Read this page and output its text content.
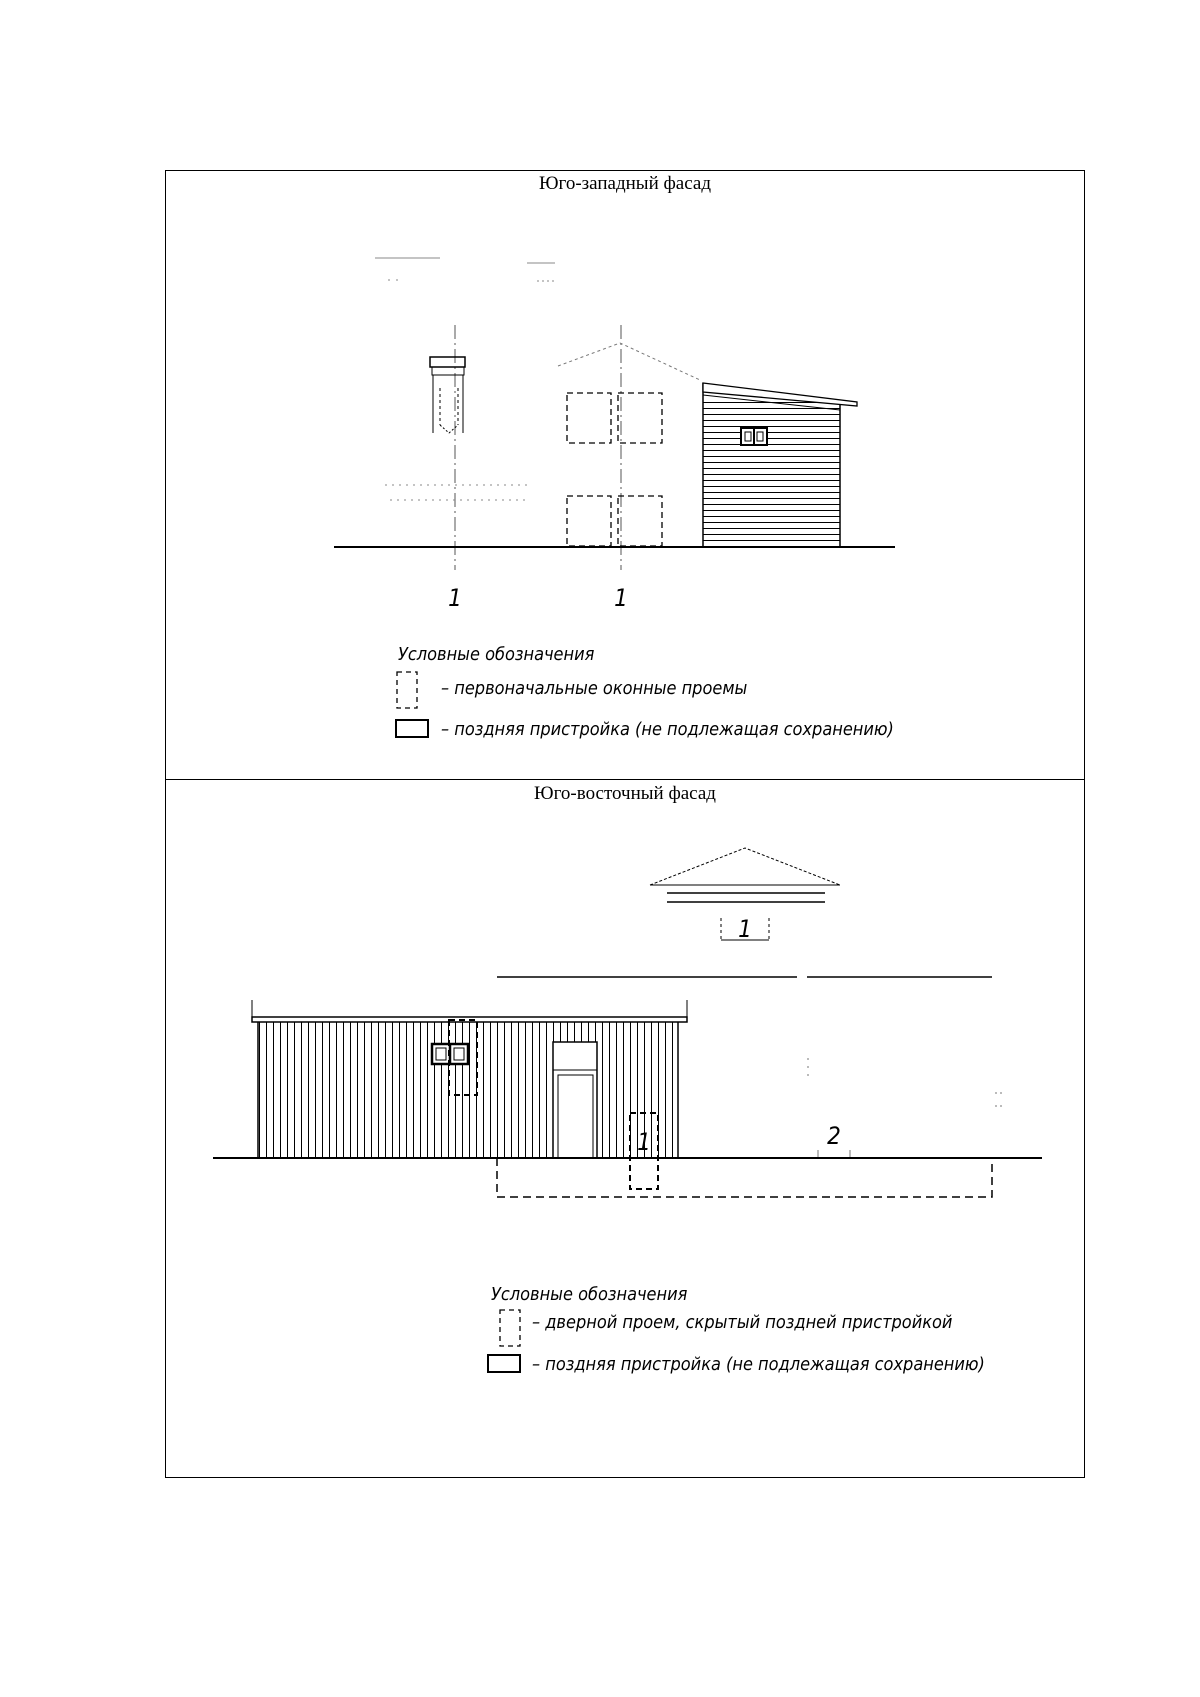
Юго-западный фасад
Юго-восточный фасад
1	1
Условные обозначения
– первоначальные оконные проемы
– поздняя пристройка (не подлежащая сохранению)
1
1	2
Условные обозначения
– дверной проем, скрытый поздней пристройкой
– поздняя пристройка (не подлежащая сохранению)
